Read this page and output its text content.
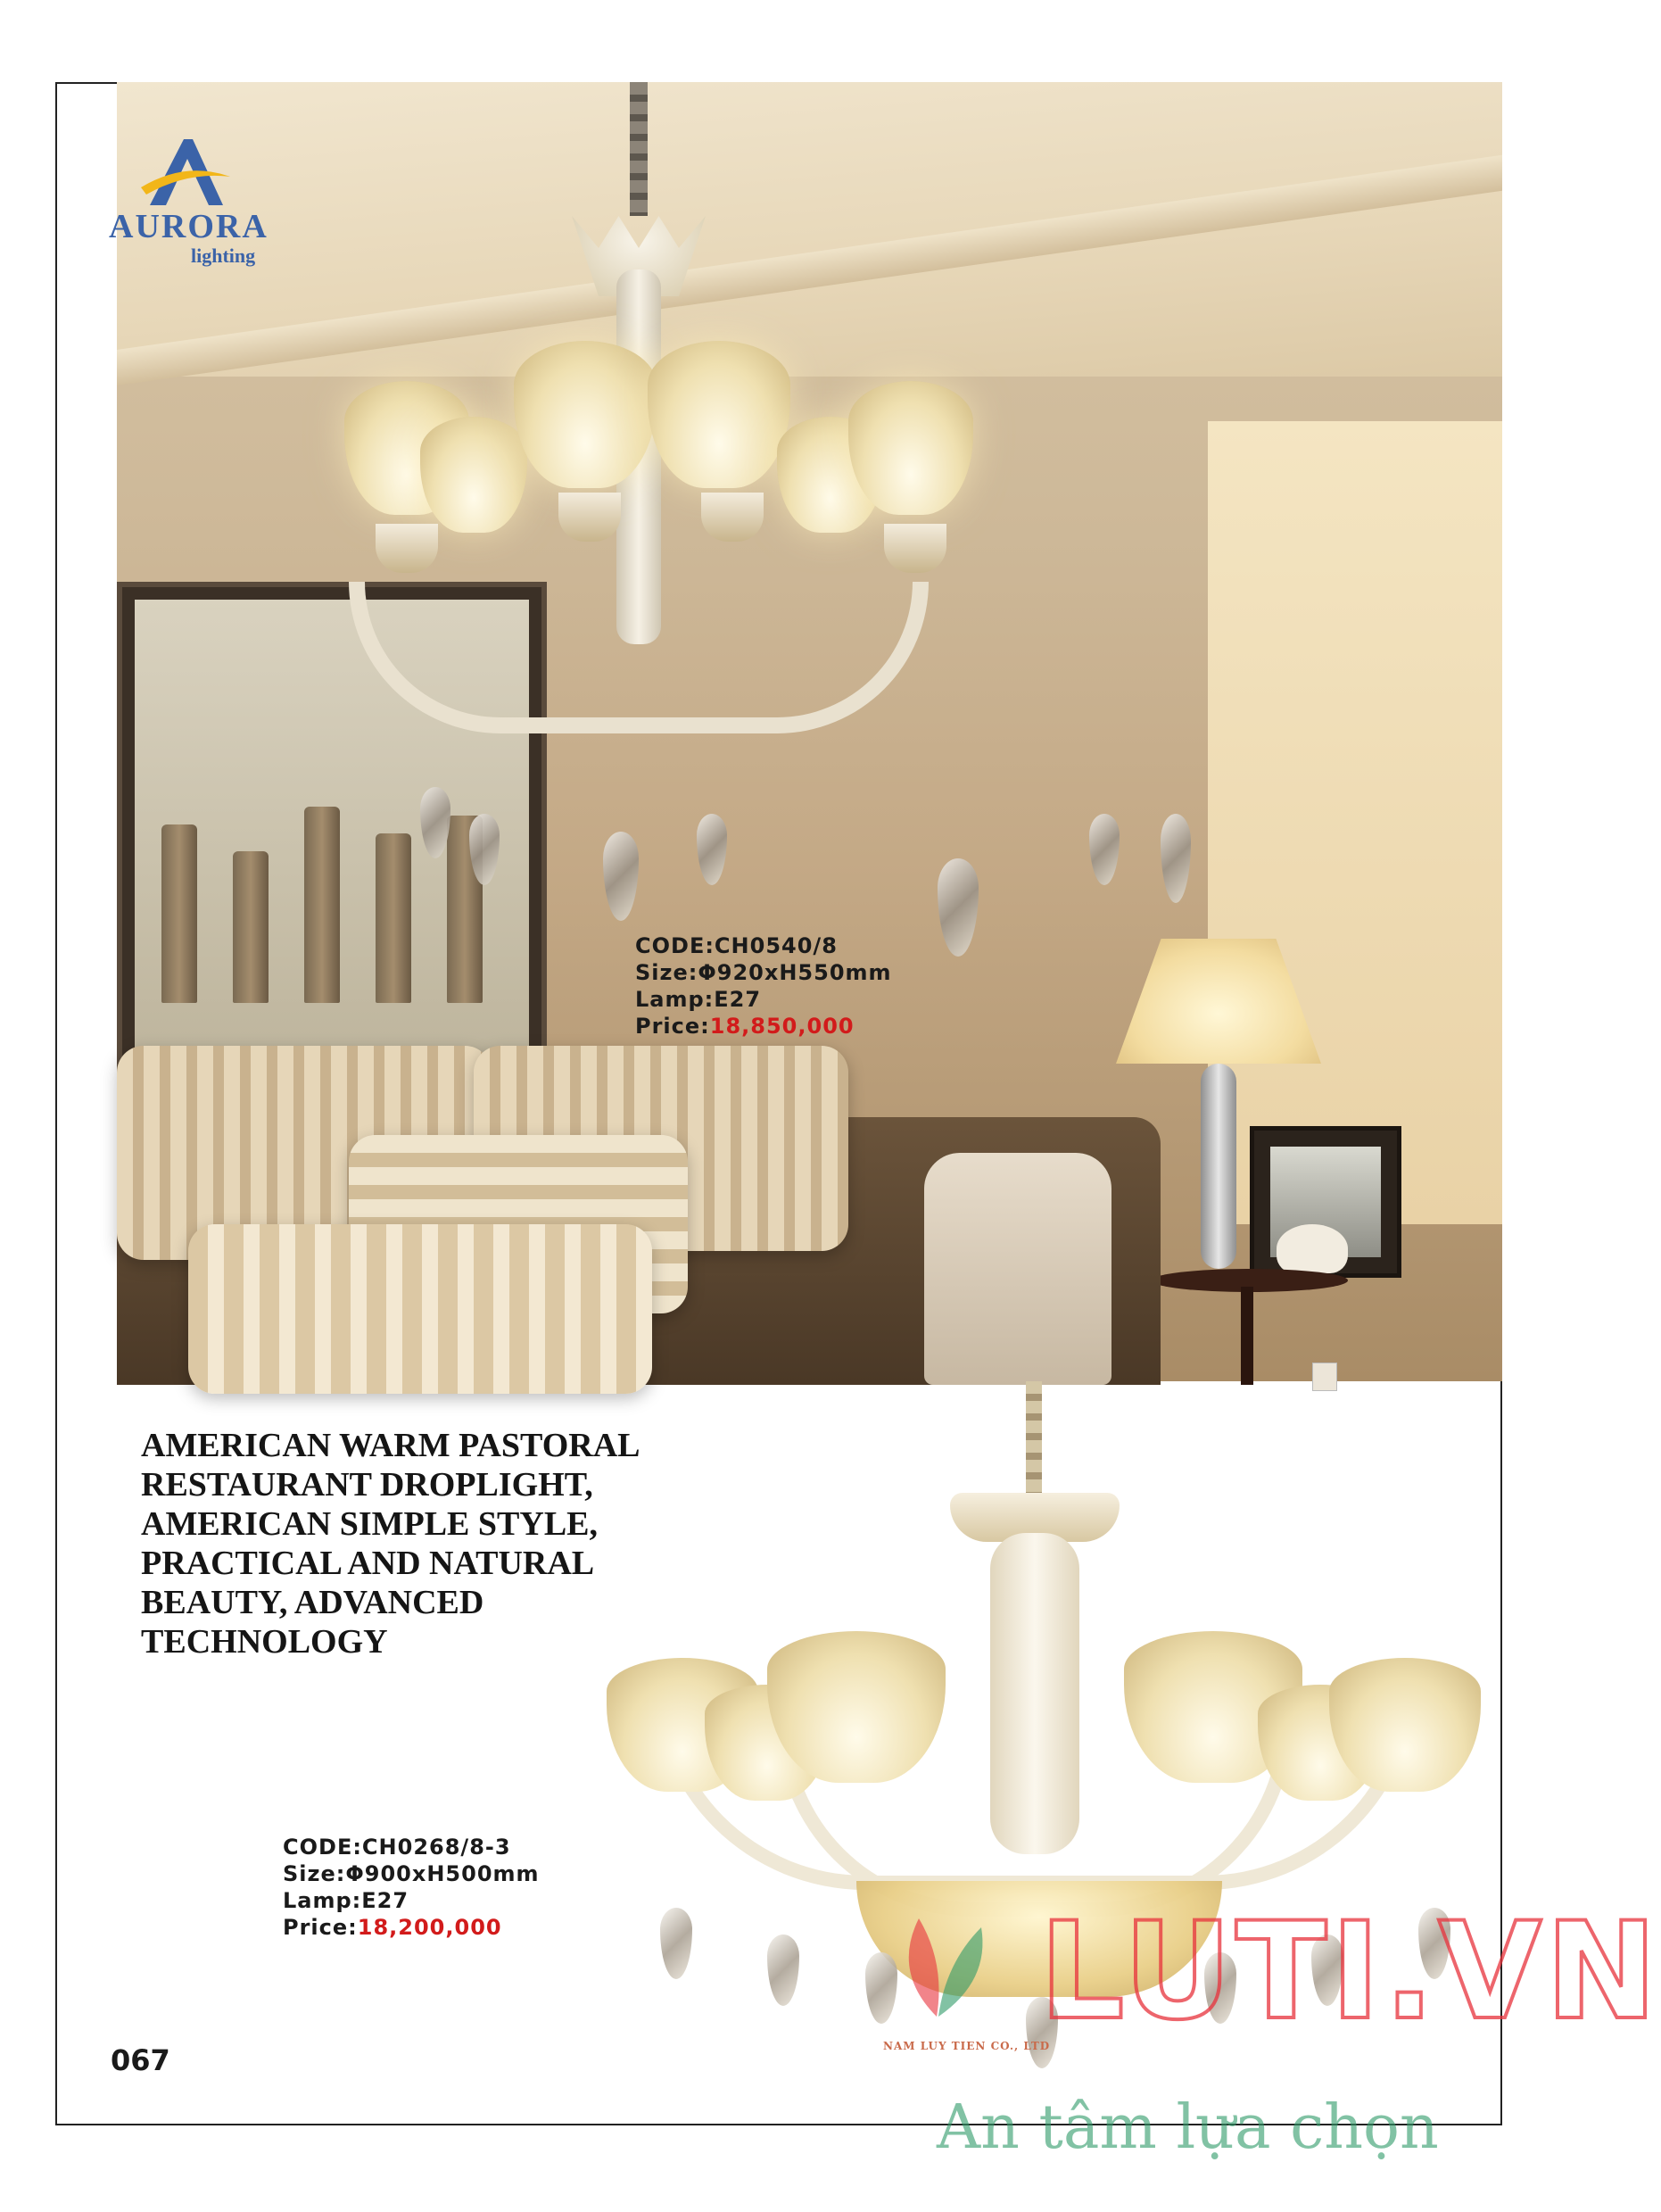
AURORA
lighting
CODE:CH0540/8
Size:Φ920xH550mm
Lamp:E27
Price:18,850,000
AMERICAN WARM PASTORAL
RESTAURANT DROPLIGHT,
AMERICAN SIMPLE STYLE,
PRACTICAL AND NATURAL
BEAUTY, ADVANCED
TECHNOLOGY
CODE:CH0268/8-3
Size:Φ900xH500mm
Lamp:E27
Price:18,200,000	LUTI.VN
NAM LUY TIEN CO., LTD
067
An tâm lựa chọn
